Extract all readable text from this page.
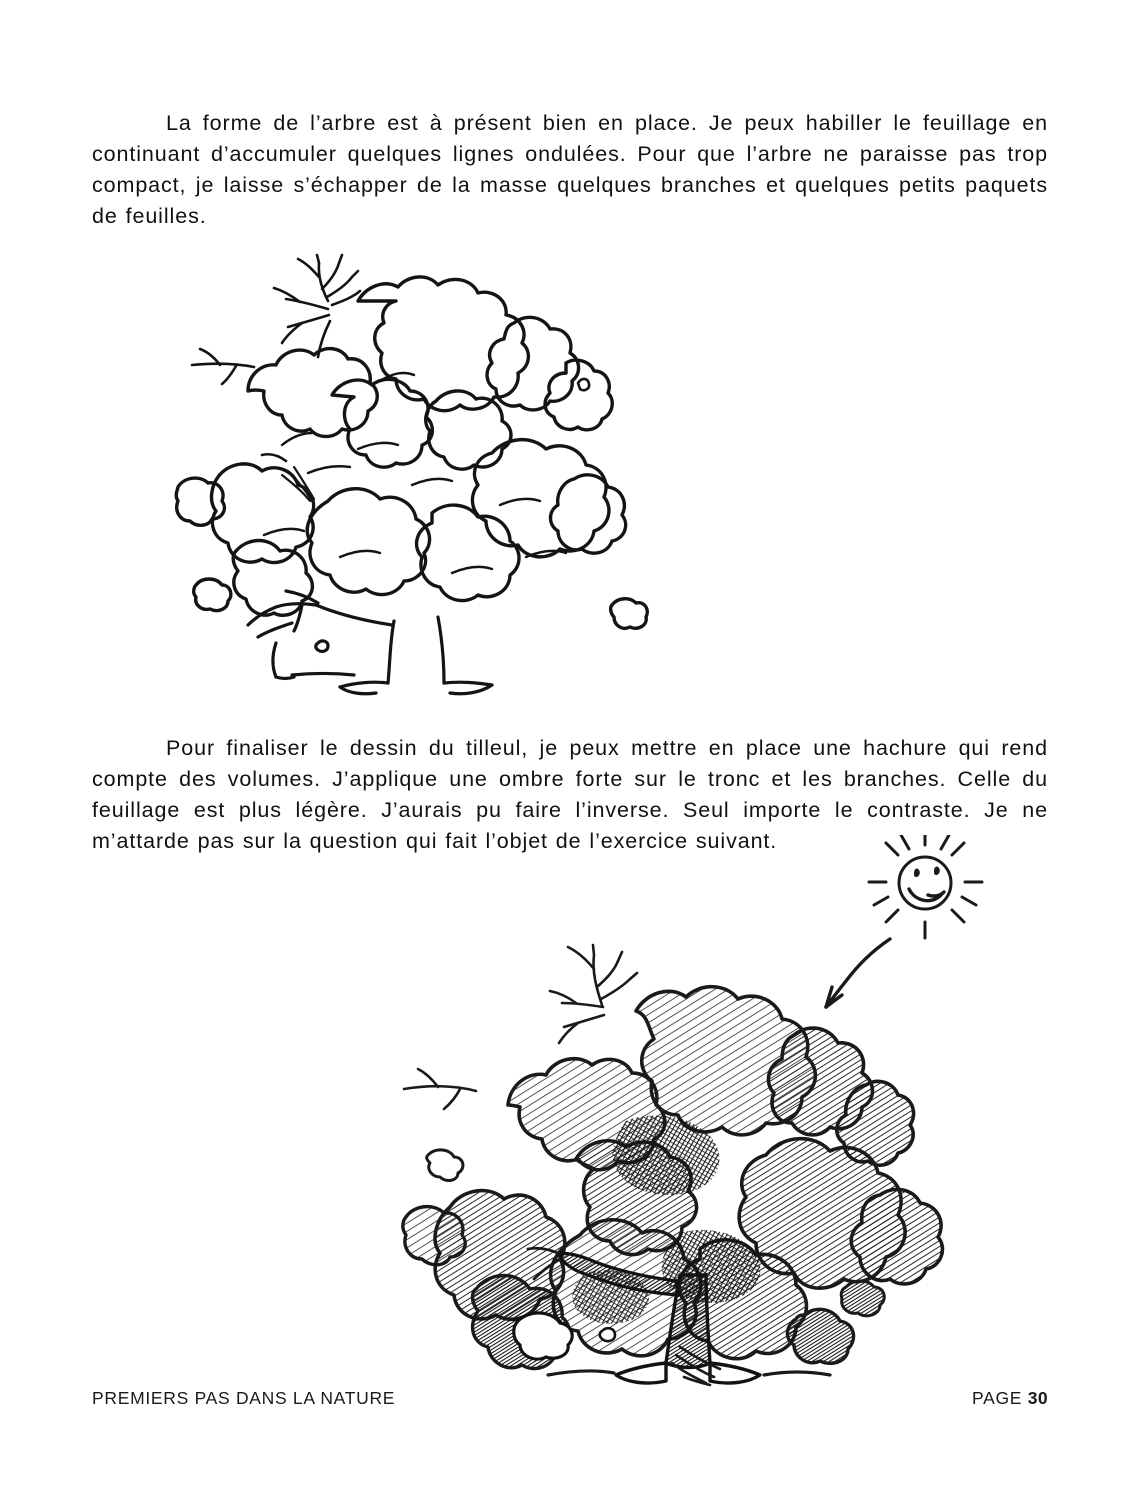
La forme de l’arbre est à présent bien en place. Je peux habiller le feuillage en continuant d’accumuler quelques lignes ondulées. Pour que l’arbre ne paraisse pas trop compact, je laisse s’échapper de la masse quelques branches et quelques petits paquets de feuilles.

Pour finaliser le dessin du tilleul, je peux mettre en place une hachure qui rend compte des volumes. J’applique une ombre forte sur le tronc et les branches. Celle du feuillage est plus légère. J’aurais pu faire l’inverse. Seul importe le contraste. Je ne m’attarde pas sur la question qui fait l’objet de l’exercice suivant.

PREMIERS PAS DANS LA NATURE	PAGE 30
